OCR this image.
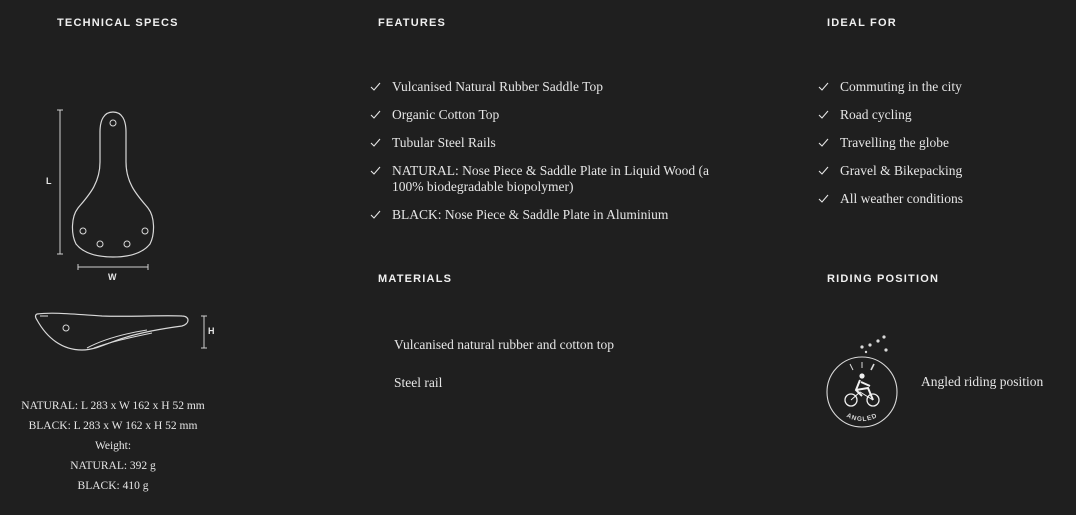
TECHNICAL SPECS
L
W
H
NATURAL: L 283 x W 162 x H 52 mm
BLACK: L 283 x W 162 x H 52 mm
Weight:
NATURAL: 392 g
BLACK: 410 g
FEATURES
Vulcanised Natural Rubber Saddle Top
Organic Cotton Top
Tubular Steel Rails
NATURAL: Nose Piece & Saddle Plate in Liquid Wood (a 100% biodegradable biopolymer)
BLACK: Nose Piece & Saddle Plate in Aluminium
MATERIALS
Vulcanised natural rubber and cotton top
Steel rail
IDEAL FOR
Commuting in the city
Road cycling
Travelling the globe
Gravel & Bikepacking
All weather conditions
RIDING POSITION
ANGLED
Angled riding position
